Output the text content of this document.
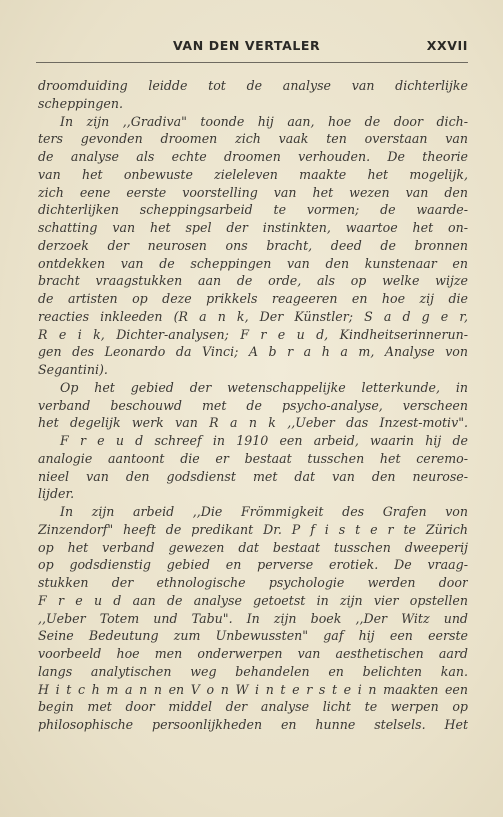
VAN DEN VERTALER	XXVII
droomduiding leidde tot de analyse van dichterlijke
scheppingen.
In zijn ,,Gradiva" toonde hij aan, hoe de door dich-
ters gevonden droomen zich vaak ten overstaan van
de analyse als echte droomen verhouden. De theorie
van het onbewuste zieleleven maakte het mogelijk,
zich eene eerste voorstelling van het wezen van den
dichterlijken scheppingsarbeid te vormen; de waarde-
schatting van het spel der instinkten, waartoe het on-
derzoek der neurosen ons bracht, deed de bronnen
ontdekken van de scheppingen van den kunstenaar en
bracht vraagstukken aan de orde, als op welke wijze
de artisten op deze prikkels reageeren en hoe zij die
reacties inkleeden (R a n k, Der Künstler; S a d g e r,
R e i k, Dichter-analysen; F r e u d, Kindheitserinnerun-
gen des Leonardo da Vinci; A b r a h a m, Analyse von
Segantini).
Op het gebied der wetenschappelijke letterkunde, in
verband beschouwd met de psycho-analyse, verscheen
het degelijk werk van R a n k ,,Ueber das Inzest-motiv".
F r e u d schreef in 1910 een arbeid, waarin hij de
analogie aantoont die er bestaat tusschen het ceremo-
nieel van den godsdienst met dat van den neurose-
lijder.
In zijn arbeid ,,Die Frömmigkeit des Grafen von
Zinzendorf" heeft de predikant Dr. P f i s t e r te Zürich
op het verband gewezen dat bestaat tusschen dweeperij
op godsdienstig gebied en perverse erotiek. De vraag-
stukken der ethnologische psychologie werden door
F r e u d aan de analyse getoetst in zijn vier opstellen
,,Ueber Totem und Tabu". In zijn boek ,,Der Witz und
Seine Bedeutung zum Unbewussten" gaf hij een eerste
voorbeeld hoe men onderwerpen van aesthetischen aard
langs analytischen weg behandelen en belichten kan.
H i t c h m a n n en V o n W i n t e r s t e i n maakten een
begin met door middel der analyse licht te werpen op
philosophische persoonlijkheden en hunne stelsels. Het
